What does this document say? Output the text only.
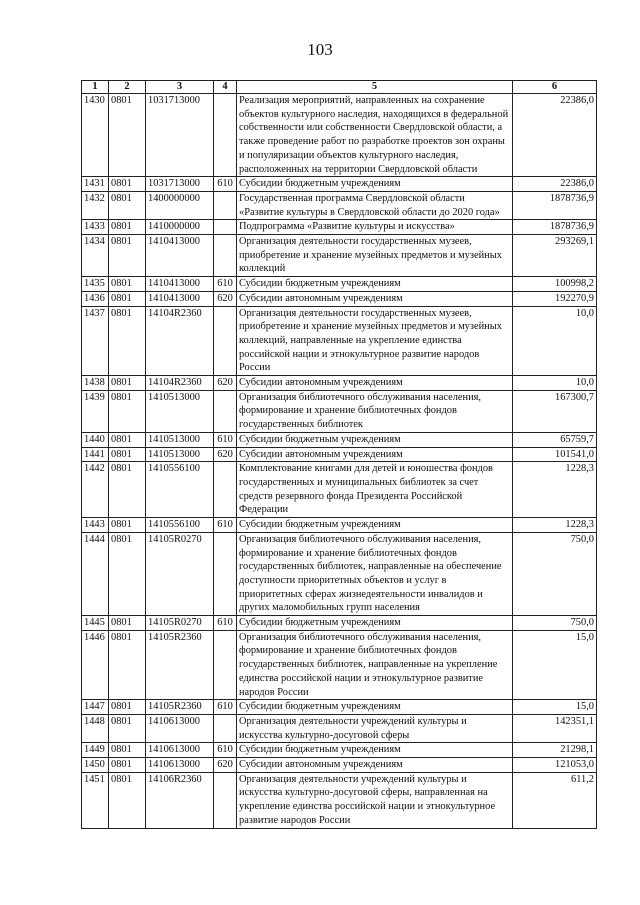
103
1	2	3	4	5	6
1430	0801	1031713000		Реализация мероприятий, направленных на сохранение объектов культурного наследия, находящихся в федеральной собственности или собственности Свердловской области, а также проведение работ по разработке проектов зон охраны и популяризации объектов культурного наследия, расположенных на территории Свердловской области	22386,0
1431	0801	1031713000	610	Субсидии бюджетным учреждениям	22386,0
1432	0801	1400000000		Государственная программа Свердловской области «Развитие культуры в Свердловской области до 2020 года»	1878736,9
1433	0801	1410000000		Подпрограмма «Развитие культуры и искусства»	1878736,9
1434	0801	1410413000		Организация деятельности государственных музеев, приобретение и хранение музейных предметов и музейных коллекций	293269,1
1435	0801	1410413000	610	Субсидии бюджетным учреждениям	100998,2
1436	0801	1410413000	620	Субсидии автономным учреждениям	192270,9
1437	0801	14104R2360		Организация деятельности государственных музеев, приобретение и хранение музейных предметов и музейных коллекций, направленные на укрепление единства российской нации и этнокультурное развитие народов России	10,0
1438	0801	14104R2360	620	Субсидии автономным учреждениям	10,0
1439	0801	1410513000		Организация библиотечного обслуживания населения, формирование и хранение библиотечных фондов государственных библиотек	167300,7
1440	0801	1410513000	610	Субсидии бюджетным учреждениям	65759,7
1441	0801	1410513000	620	Субсидии автономным учреждениям	101541,0
1442	0801	1410556100		Комплектование книгами для детей и юношества фондов государственных и муниципальных библиотек за счет средств резервного фонда Президента Российской Федерации	1228,3
1443	0801	1410556100	610	Субсидии бюджетным учреждениям	1228,3
1444	0801	14105R0270		Организация библиотечного обслуживания населения, формирование и хранение библиотечных фондов государственных библиотек, направленные на обеспечение доступности приоритетных объектов и услуг в приоритетных сферах жизнедеятельности инвалидов и других маломобильных групп населения	750,0
1445	0801	14105R0270	610	Субсидии бюджетным учреждениям	750,0
1446	0801	14105R2360		Организация библиотечного обслуживания населения, формирование и хранение библиотечных фондов государственных библиотек, направленные на укрепление единства российской нации и этнокультурное развитие народов России	15,0
1447	0801	14105R2360	610	Субсидии бюджетным учреждениям	15,0
1448	0801	1410613000		Организация деятельности учреждений культуры и искусства культурно-досуговой сферы	142351,1
1449	0801	1410613000	610	Субсидии бюджетным учреждениям	21298,1
1450	0801	1410613000	620	Субсидии автономным учреждениям	121053,0
1451	0801	14106R2360		Организация деятельности учреждений культуры и искусства культурно-досуговой сферы, направленная на укрепление единства российской нации и этнокультурное развитие народов России	611,2
